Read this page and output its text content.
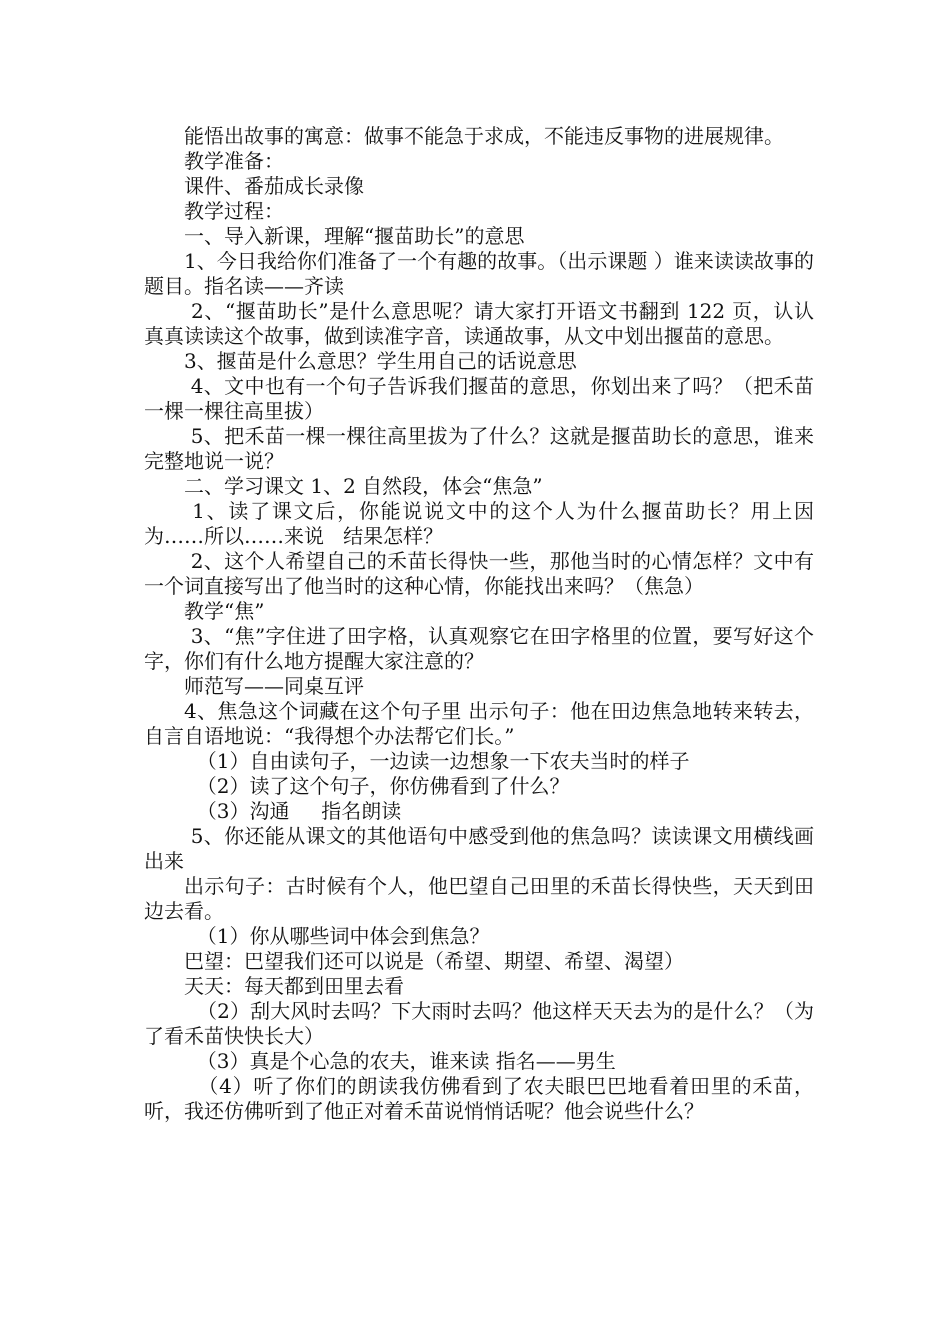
能悟出故事的寓意：做事不能急于求成，不能违反事物的进展规律。

教学准备：

课件、番茄成长录像

教学过程：

一、导入新课，理解“揠苗助长”的意思

1、今日我给你们准备了一个有趣的故事。（出示课题 ）谁来读读故事的题目。指名读——齐读

2、“揠苗助长”是什么意思呢？请大家打开语文书翻到 122 页，认认真真读读这个故事，做到读准字音，读通故事，从文中划出揠苗的意思。

3、揠苗是什么意思？学生用自己的话说意思

4、文中也有一个句子告诉我们揠苗的意思，你划出来了吗？（把禾苗一棵一棵往高里拔）

5、把禾苗一棵一棵往高里拔为了什么？这就是揠苗助长的意思，谁来完整地说一说？

二、学习课文 1、2 自然段，体会“焦急”

1、读了课文后，你能说说文中的这个人为什么揠苗助长？用上因为……所以……来说   结果怎样？

2、这个人希望自己的禾苗长得快一些，那他当时的心情怎样？文中有一个词直接写出了他当时的这种心情，你能找出来吗？（焦急）

教学“焦”

3、“焦”字住进了田字格，认真观察它在田字格里的位置，要写好这个字，你们有什么地方提醒大家注意的？

师范写——同桌互评

4、焦急这个词藏在这个句子里 出示句子：他在田边焦急地转来转去，自言自语地说：“我得想个办法帮它们长。”

（1）自由读句子，一边读一边想象一下农夫当时的样子

（2）读了这个句子，你仿佛看到了什么？

（3）沟通     指名朗读

5、你还能从课文的其他语句中感受到他的焦急吗？读读课文用横线画出来

出示句子：古时候有个人，他巴望自己田里的禾苗长得快些，天天到田边去看。

（1）你从哪些词中体会到焦急？

巴望：巴望我们还可以说是（希望、期望、希望、渴望）

天天：每天都到田里去看

（2）刮大风时去吗？下大雨时去吗？他这样天天去为的是什么？（为了看禾苗快快长大）

（3）真是个心急的农夫，谁来读 指名——男生

（4）听了你们的朗读我仿佛看到了农夫眼巴巴地看着田里的禾苗，听，我还仿佛听到了他正对着禾苗说悄悄话呢？他会说些什么？
